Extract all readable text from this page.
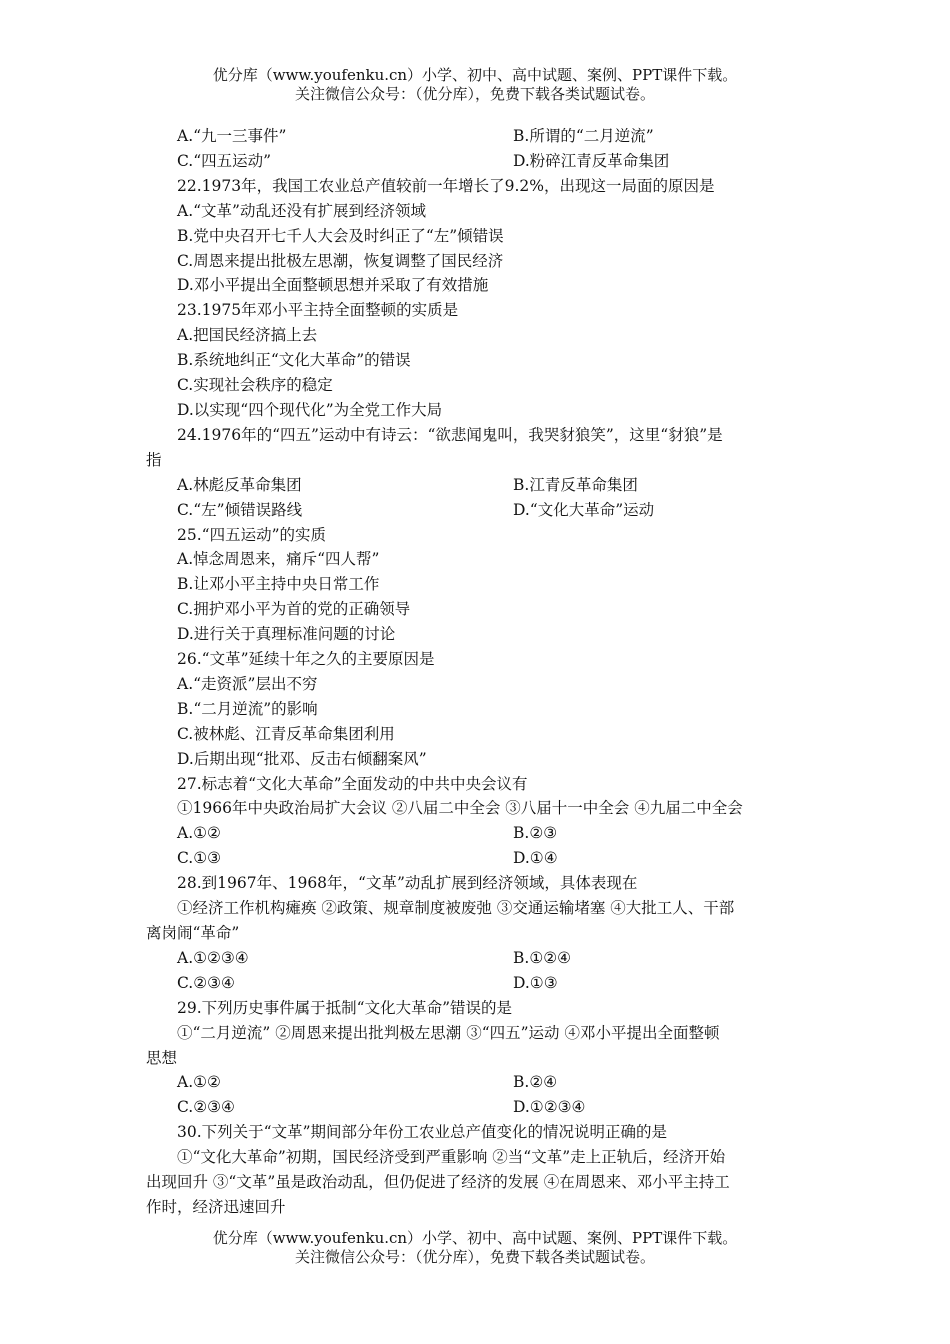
优分库（www.youfenku.cn）小学、初中、高中试题、案例、PPT课件下载。
关注微信公众号：（优分库），免费下载各类试题试卷。
A.“九一三事件”	B.所谓的“二月逆流”
C.“四五运动”	D.粉碎江青反革命集团
22.1973年，我国工农业总产值较前一年增长了9.2%，出现这一局面的原因是
A.“文革”动乱还没有扩展到经济领域
B.党中央召开七千人大会及时纠正了“左”倾错误
C.周恩来提出批极左思潮，恢复调整了国民经济
D.邓小平提出全面整顿思想并采取了有效措施
23.1975年邓小平主持全面整顿的实质是
A.把国民经济搞上去
B.系统地纠正“文化大革命”的错误
C.实现社会秩序的稳定
D.以实现“四个现代化”为全党工作大局
24.1976年的“四五”运动中有诗云：“欲悲闻鬼叫，我哭豺狼笑”，这里“豺狼”是
指
A.林彪反革命集团	B.江青反革命集团
C.“左”倾错误路线	D.“文化大革命”运动
25.“四五运动”的实质
A.悼念周恩来，痛斥“四人帮”
B.让邓小平主持中央日常工作
C.拥护邓小平为首的党的正确领导
D.进行关于真理标准问题的讨论
26.“文革”延续十年之久的主要原因是
A.“走资派”层出不穷
B.“二月逆流”的影响
C.被林彪、江青反革命集团利用
D.后期出现“批邓、反击右倾翻案风”
27.标志着“文化大革命”全面发动的中共中央会议有
①1966年中央政治局扩大会议 ②八届二中全会 ③八届十一中全会 ④九届二中全会
A.①②	B.②③
C.①③	D.①④
28.到1967年、1968年，“文革”动乱扩展到经济领域，具体表现在
①经济工作机构瘫痪 ②政策、规章制度被废弛 ③交通运输堵塞 ④大批工人、干部
离岗闹“革命”
A.①②③④	B.①②④
C.②③④	D.①③
29.下列历史事件属于抵制“文化大革命”错误的是
①“二月逆流” ②周恩来提出批判极左思潮 ③“四五”运动 ④邓小平提出全面整顿
思想
A.①②	B.②④
C.②③④	D.①②③④
30.下列关于“文革”期间部分年份工农业总产值变化的情况说明正确的是
①“文化大革命”初期，国民经济受到严重影响 ②当“文革”走上正轨后，经济开始
出现回升 ③“文革”虽是政治动乱，但仍促进了经济的发展 ④在周恩来、邓小平主持工
作时，经济迅速回升
优分库（www.youfenku.cn）小学、初中、高中试题、案例、PPT课件下载。
关注微信公众号：（优分库），免费下载各类试题试卷。
